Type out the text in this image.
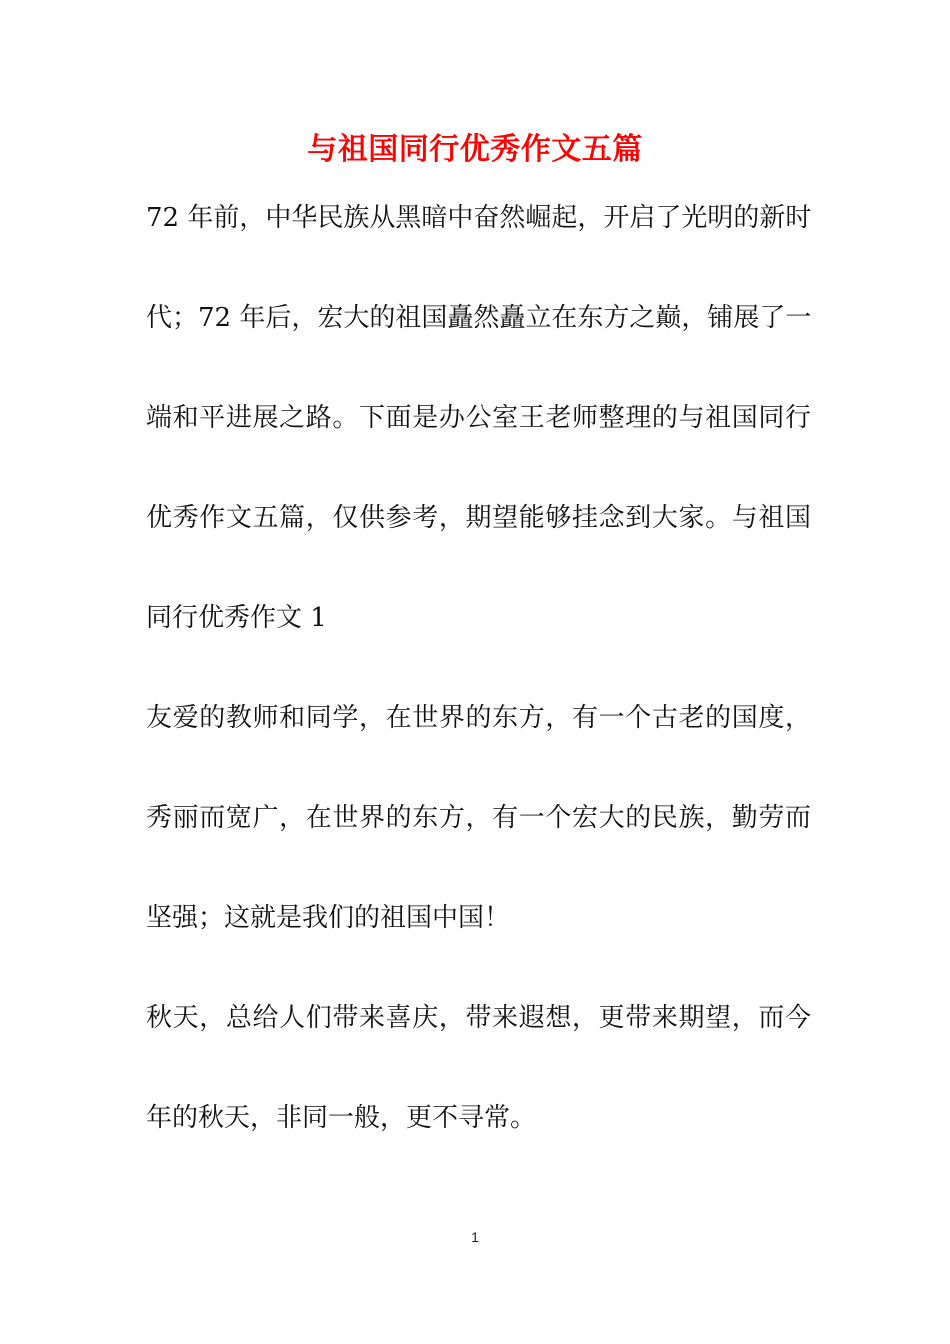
与祖国同行优秀作文五篇

72 年前，中华民族从黑暗中奋然崛起，开启了光明的新时

代；72 年后，宏大的祖国矗然矗立在东方之巅，铺展了一

端和平进展之路。下面是办公室王老师整理的与祖国同行

优秀作文五篇，仅供参考，期望能够挂念到大家。与祖国

同行优秀作文 1

友爱的教师和同学，在世界的东方，有一个古老的国度，

秀丽而宽广，在世界的东方，有一个宏大的民族，勤劳而

坚强；这就是我们的祖国中国！

秋天，总给人们带来喜庆，带来遐想，更带来期望，而今

年的秋天，非同一般，更不寻常。

1
